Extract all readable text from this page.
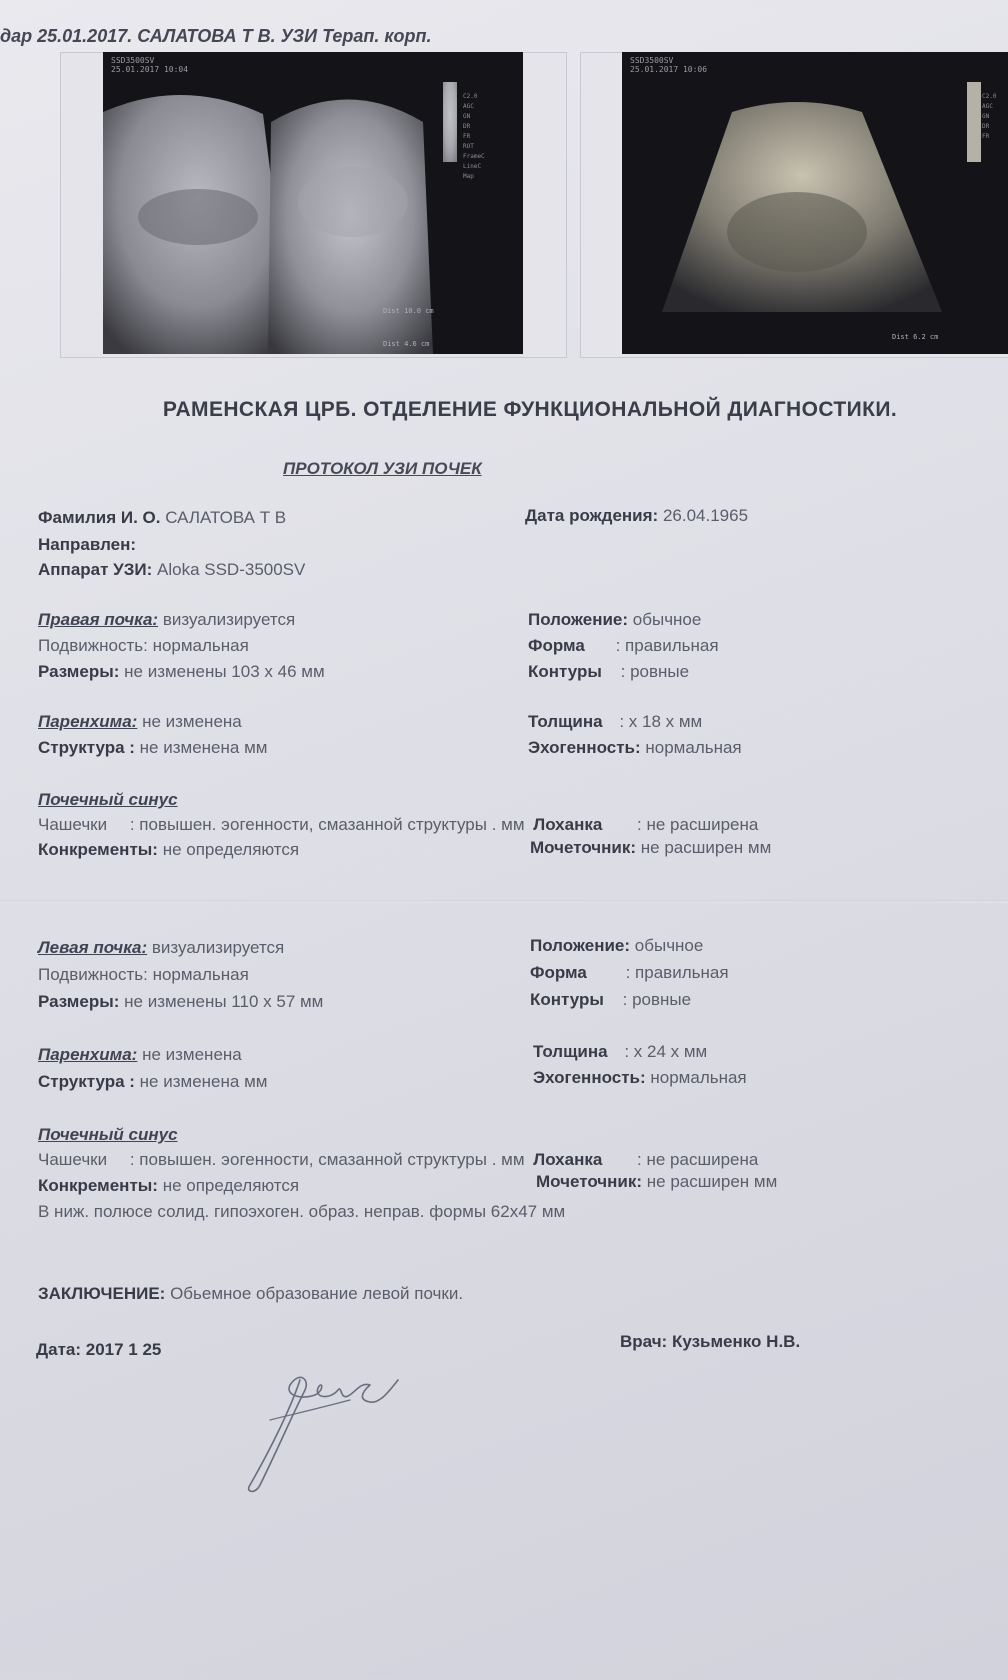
дар 25.01.2017. САЛАТОВА Т В. УЗИ Терап. корп.
SSD3500SV
25.01.2017 10:04
C2.0
AGC
GN
DR
FR
ROT
FrameC
LineC
Map

Dist 10.0 cm

Dist 4.6 cm

SSD3500SV
25.01.2017 10:06
C2.0
AGC
GN
DR
FR

Dist 6.2 cm

РАМЕНСКАЯ ЦРБ. ОТДЕЛЕНИЕ ФУНКЦИОНАЛЬНОЙ ДИАГНОСТИКИ.
ПРОТОКОЛ УЗИ ПОЧЕК
Фамилия И. О. САЛАТОВА Т В	Дата рождения: 26.04.1965
Направлен:
Аппарат УЗИ: Aloka SSD-3500SV
Правая почка: визуализируется
Подвижность: нормальная
Размеры: не изменены 103 х 46 мм
Положение: обычное
Форма : правильная
Контуры : ровные
Паренхима: не изменена
Структура : не изменена мм
Толщина : х 18 х мм
Эхогенность: нормальная
Почечный синус
Чашечки : повышен. эогенности, смазанной структуры . мм Лоханка : не расширена
Конкременты: не определяются	Мочеточник: не расширен мм
Левая почка: визуализируется
Подвижность: нормальная
Размеры: не изменены 110 х 57 мм
Положение: обычное
Форма : правильная
Контуры : ровные
Паренхима: не изменена
Структура : не изменена мм
Толщина : х 24 х мм
Эхогенность: нормальная
Почечный синус
Чашечки : повышен. эогенности, смазанной структуры . мм Лоханка : не расширена
Конкременты: не определяются	Мочеточник: не расширен мм
В ниж. полюсе солид. гипоэхоген. образ. неправ. формы 62х47 мм
ЗАКЛЮЧЕНИЕ: Обьемное образование левой почки.
Дата: 2017 1 25	Врач: Кузьменко Н.В.
